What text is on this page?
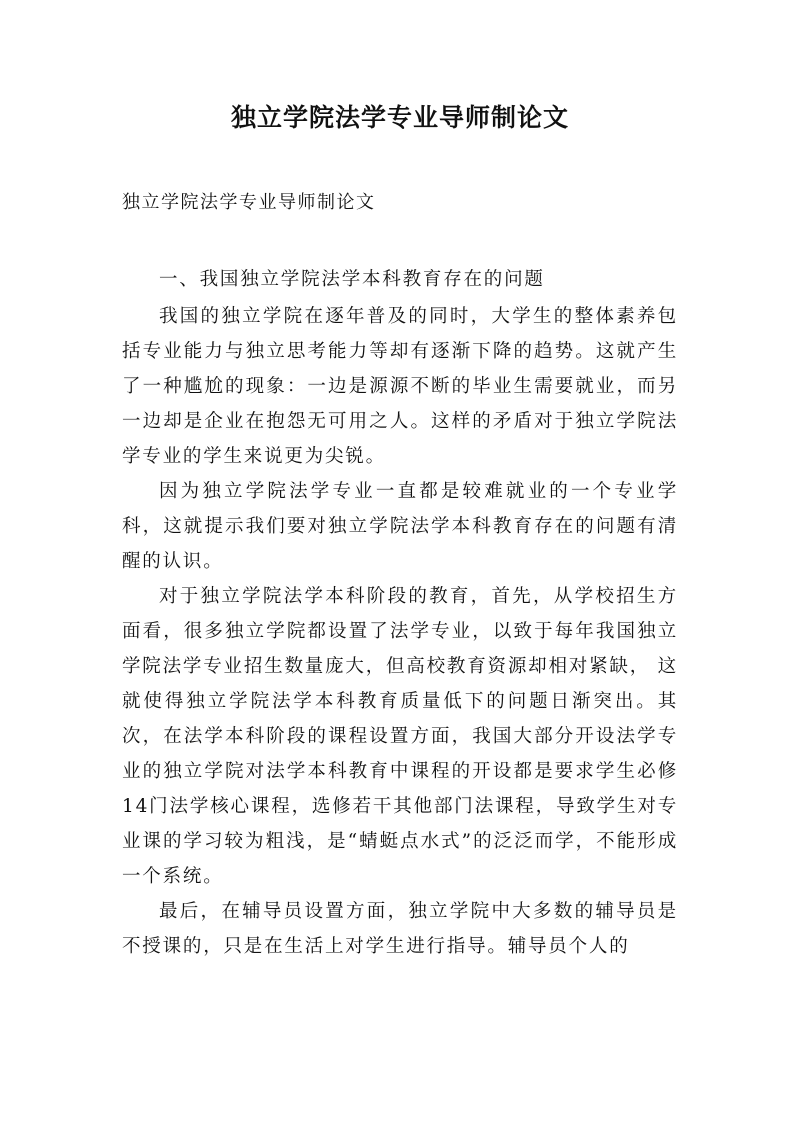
独立学院法学专业导师制论文
独立学院法学专业导师制论文

一、我国独立学院法学本科教育存在的问题

我国的独立学院在逐年普及的同时，大学生的整体素养包括专业能力与独立思考能力等却有逐渐下降的趋势。这就产生了一种尴尬的现象：一边是源源不断的毕业生需要就业，而另一边却是企业在抱怨无可用之人。这样的矛盾对于独立学院法学专业的学生来说更为尖锐。

因为独立学院法学专业一直都是较难就业的一个专业学科，这就提示我们要对独立学院法学本科教育存在的问题有清醒的认识。

对于独立学院法学本科阶段的教育，首先，从学校招生方面看，很多独立学院都设置了法学专业，以致于每年我国独立学院法学专业招生数量庞大，但高校教育资源却相对紧缺， 这就使得独立学院法学本科教育质量低下的问题日渐突出。其次，在法学本科阶段的课程设置方面，我国大部分开设法学专业的独立学院对法学本科教育中课程的开设都是要求学生必修14门法学核心课程，选修若干其他部门法课程，导致学生对专业课的学习较为粗浅，是“蜻蜓点水式”的泛泛而学，不能形成一个系统。

最后，在辅导员设置方面，独立学院中大多数的辅导员是不授课的，只是在生活上对学生进行指导。辅导员个人的
